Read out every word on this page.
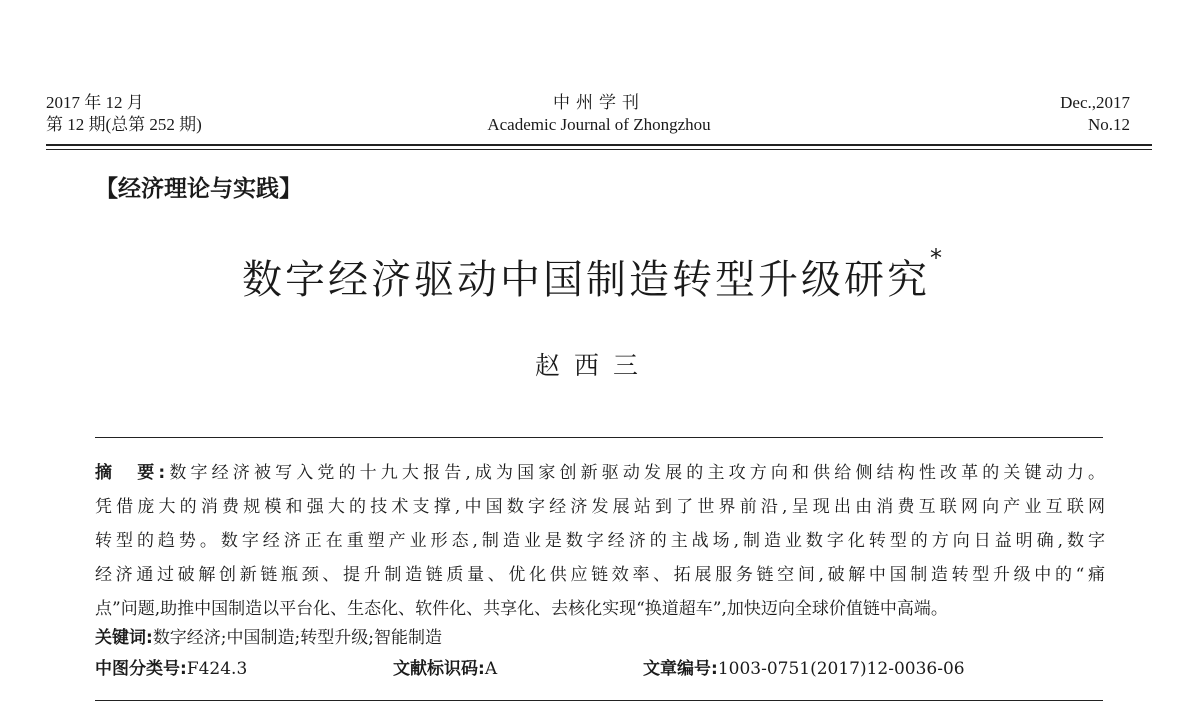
2017 年 12 月
第 12 期(总第 252 期)
中州学刊
Academic Journal of Zhongzhou
Dec.,2017
No.12
【经济理论与实践】
数字经济驱动中国制造转型升级研究*
赵西三
摘　要:数字经济被写入党的十九大报告,成为国家创新驱动发展的主攻方向和供给侧结构性改革的关键动力。
凭借庞大的消费规模和强大的技术支撑,中国数字经济发展站到了世界前沿,呈现出由消费互联网向产业互联网
转型的趋势。数字经济正在重塑产业形态,制造业是数字经济的主战场,制造业数字化转型的方向日益明确,数字
经济通过破解创新链瓶颈、提升制造链质量、优化供应链效率、拓展服务链空间,破解中国制造转型升级中的“痛
点”问题,助推中国制造以平台化、生态化、软件化、共享化、去核化实现“换道超车”,加快迈向全球价值链中高端。
关键词:数字经济;中国制造;转型升级;智能制造
中图分类号:F424.3	文献标识码:A	文章编号:1003-0751(2017)12-0036-06
